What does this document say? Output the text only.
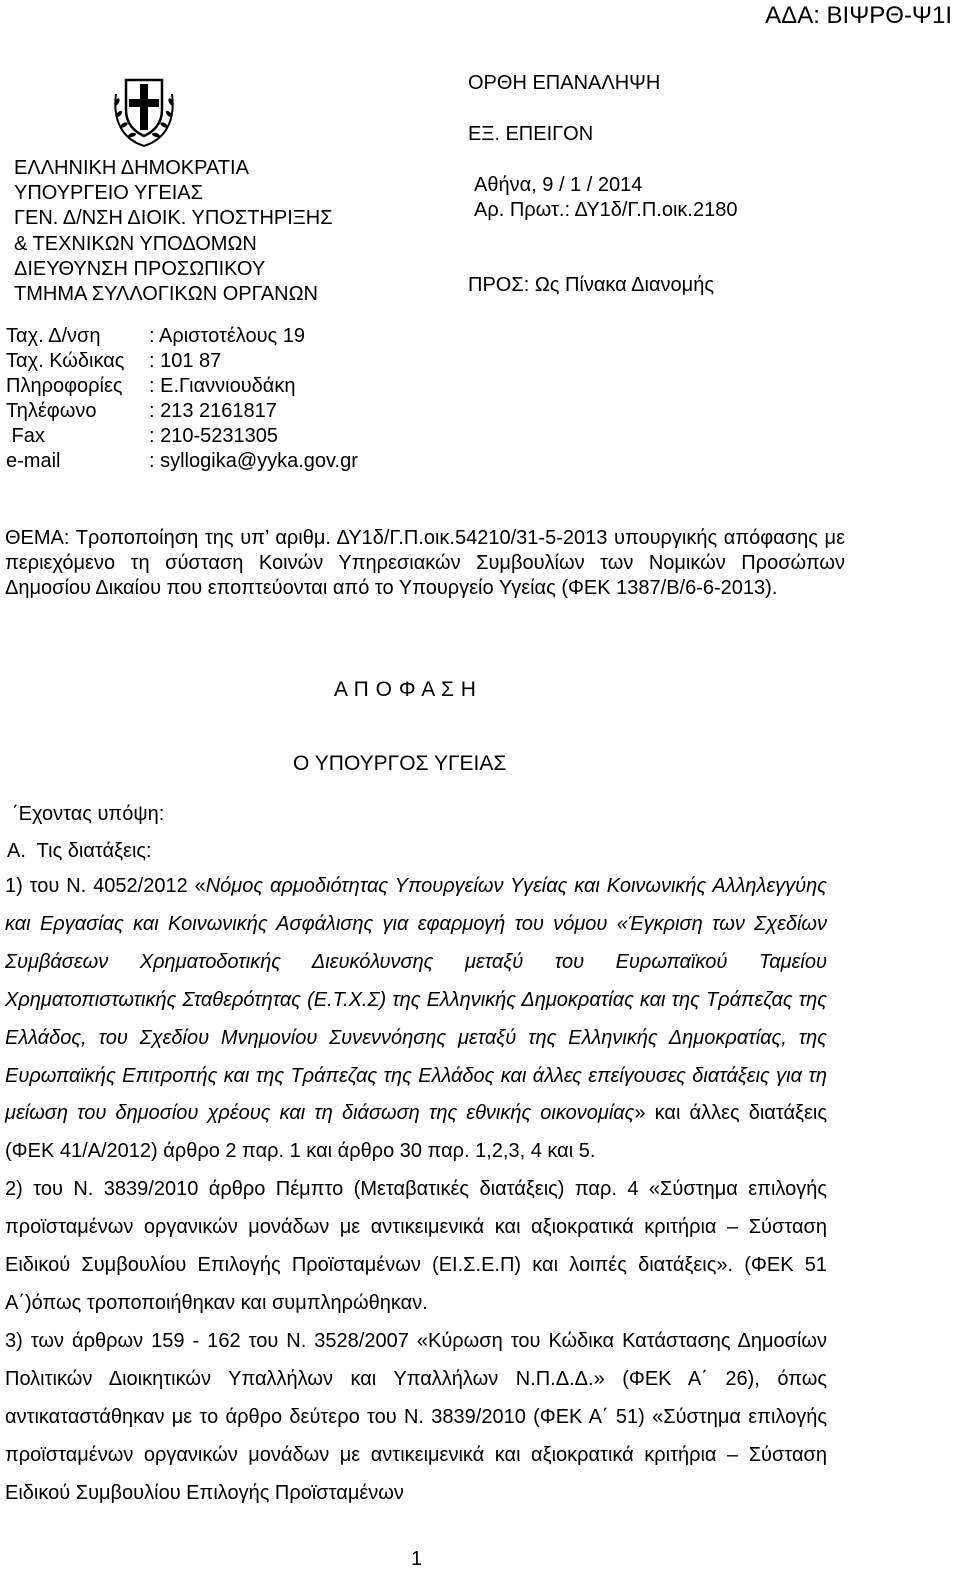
ΑΔΑ: ΒΙΨΡΘ-Ψ1Ι
ΕΛΛΗΝΙΚΗ ΔΗΜΟΚΡΑΤΙΑ
ΥΠΟΥΡΓΕΙΟ ΥΓΕΙΑΣ
ΓΕΝ. Δ/ΝΣΗ ΔΙΟΙΚ. ΥΠΟΣΤΗΡΙΞΗΣ
& ΤΕΧΝΙΚΩΝ ΥΠΟΔΟΜΩΝ
ΔΙΕΥΘΥΝΣΗ ΠΡΟΣΩΠΙΚΟΥ
ΤΜΗΜΑ ΣΥΛΛΟΓΙΚΩΝ ΟΡΓΑΝΩΝ
ΟΡΘΗ ΕΠΑΝΑΛΗΨΗ
ΕΞ. ΕΠΕΙΓΟΝ
Αθήνα, 9 / 1 / 2014
Αρ. Πρωτ.: ΔΥ1δ/Γ.Π.οικ.2180
ΠΡΟΣ: Ως Πίνακα Διανομής
Ταχ. Δ/νση	: Αριστοτέλους 19
Ταχ. Κώδικας	: 101 87
Πληροφορίες	: Ε.Γιαννιουδάκη
Τηλέφωνο	: 213 2161817
Fax	: 210-5231305
e-mail	: syllogika@yyka.gov.gr
ΘΕΜΑ: Τροποποίηση της υπ’ αριθμ. ΔΥ1δ/Γ.Π.οικ.54210/31-5-2013 υπουργικής απόφασης με περιεχόμενο τη σύσταση Κοινών Υπηρεσιακών Συμβουλίων των Νομικών Προσώπων Δημοσίου Δικαίου που εποπτεύονται από το Υπουργείο Υγείας (ΦΕΚ 1387/Β/6-6-2013).
Α Π Ο Φ Α Σ Η
Ο ΥΠΟΥΡΓΟΣ ΥΓΕΙΑΣ
΄Εχοντας υπόψη:
Α.  Τις διατάξεις:

1) του Ν. 4052/2012 «Νόμος αρμοδιότητας Υπουργείων Υγείας και Κοινωνικής Αλληλεγγύης και Εργασίας και Κοινωνικής Ασφάλισης για εφαρμογή του νόμου «Έγκριση των Σχεδίων Συμβάσεων Χρηματοδοτικής Διευκόλυνσης μεταξύ του Ευρωπαϊκού Ταμείου Χρηματοπιστωτικής Σταθερότητας (Ε.Τ.Χ.Σ) της Ελληνικής Δημοκρατίας και της Τράπεζας της Ελλάδος, του Σχεδίου Μνημονίου Συνεννόησης μεταξύ της Ελληνικής Δημοκρατίας, της Ευρωπαϊκής Επιτροπής και της Τράπεζας της Ελλάδος και άλλες επείγουσες διατάξεις για τη μείωση του δημοσίου χρέους και τη διάσωση της εθνικής οικονομίας» και άλλες διατάξεις (ΦΕΚ 41/Α/2012) άρθρο 2 παρ. 1 και άρθρο 30 παρ. 1,2,3, 4 και 5.

2) του Ν. 3839/2010 άρθρο Πέμπτο (Μεταβατικές διατάξεις) παρ. 4 «Σύστημα επιλογής προϊσταμένων οργανικών μονάδων με αντικειμενικά και αξιοκρατικά κριτήρια – Σύσταση Ειδικού Συμβουλίου Επιλογής Προϊσταμένων (ΕΙ.Σ.Ε.Π) και λοιπές διατάξεις». (ΦΕΚ 51 Α΄)όπως τροποποιήθηκαν και συμπληρώθηκαν.

3) των άρθρων 159 - 162 του Ν. 3528/2007 «Κύρωση του Κώδικα Κατάστασης Δημοσίων Πολιτικών Διοικητικών Υπαλλήλων και Υπαλλήλων Ν.Π.Δ.Δ.» (ΦΕΚ Α΄ 26), όπως αντικαταστάθηκαν με το άρθρο δεύτερο του Ν. 3839/2010 (ΦΕΚ Α΄ 51) «Σύστημα επιλογής προϊσταμένων οργανικών μονάδων με αντικειμενικά και αξιοκρατικά κριτήρια – Σύσταση Ειδικού Συμβουλίου Επιλογής Προϊσταμένων

1
